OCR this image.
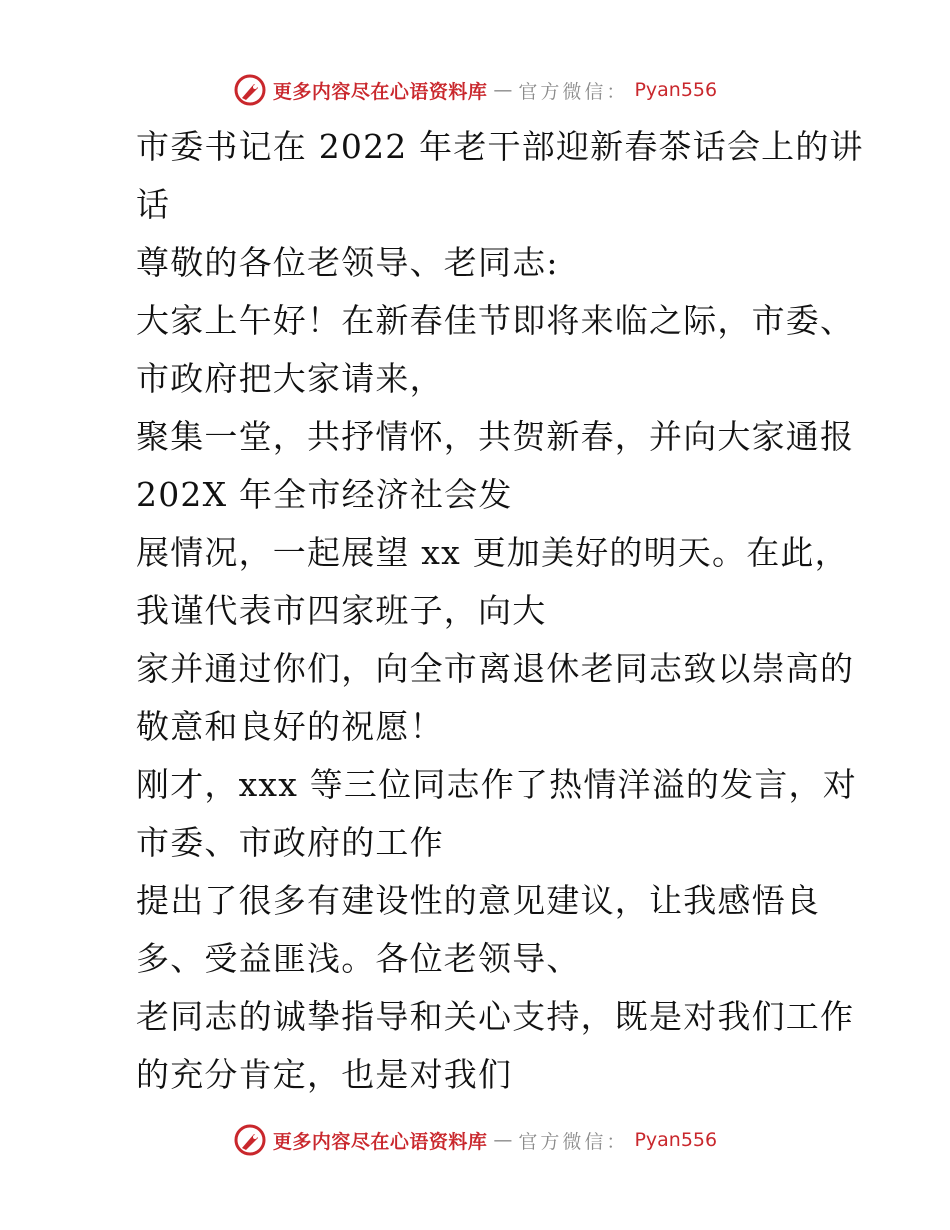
更多内容尽在心语资料库 — 官方微信： Pyan556

市委书记在 2022 年老干部迎新春茶话会上的讲
话

尊敬的各位老领导、老同志:

大家上午好！在新春佳节即将来临之际，市委、
市政府把大家请来，

聚集一堂，共抒情怀，共贺新春，并向大家通报
202X 年全市经济社会发

展情况，一起展望 xx 更加美好的明天。在此，
我谨代表市四家班子，向大

家并通过你们，向全市离退休老同志致以崇高的
敬意和良好的祝愿！

刚才，xxx 等三位同志作了热情洋溢的发言，对
市委、市政府的工作

提出了很多有建设性的意见建议，让我感悟良
多、受益匪浅。各位老领导、

老同志的诚挚指导和关心支持，既是对我们工作
的充分肯定，也是对我们

更多内容尽在心语资料库 — 官方微信： Pyan556
